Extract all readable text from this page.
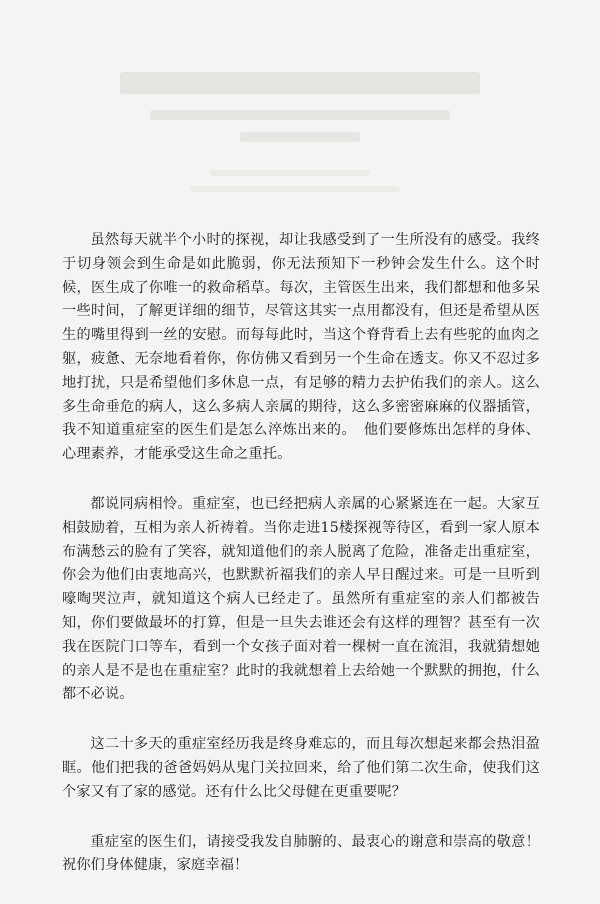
虽然每天就半个小时的探视，却让我感受到了一生所没有的感受。我终于切身领会到生命是如此脆弱，你无法预知下一秒钟会发生什么。这个时候，医生成了你唯一的救命稻草。每次，主管医生出来，我们都想和他多呆一些时间，了解更详细的细节，尽管这其实一点用都没有，但还是希望从医生的嘴里得到一丝的安慰。而每每此时，当这个脊背看上去有些驼的血肉之躯，疲惫、无奈地看着你，你仿佛又看到另一个生命在透支。你又不忍过多地打扰，只是希望他们多休息一点，有足够的精力去护佑我们的亲人。这么多生命垂危的病人，这么多病人亲属的期待，这么多密密麻麻的仪器插管，我不知道重症室的医生们是怎么淬炼出来的。　他们要修炼出怎样的身体、心理素养，才能承受这生命之重托。

都说同病相怜。重症室，也已经把病人亲属的心紧紧连在一起。大家互相鼓励着，互相为亲人祈祷着。当你走进15楼探视等待区，看到一家人原本布满愁云的脸有了笑容，就知道他们的亲人脱离了危险，准备走出重症室，你会为他们由衷地高兴，也默默祈福我们的亲人早日醒过来。可是一旦听到嚎啕哭泣声，就知道这个病人已经走了。虽然所有重症室的亲人们都被告知，你们要做最坏的打算，但是一旦失去谁还会有这样的理智？甚至有一次我在医院门口等车，看到一个女孩子面对着一棵树一直在流泪，我就猜想她的亲人是不是也在重症室？此时的我就想着上去给她一个默默的拥抱，什么都不必说。

这二十多天的重症室经历我是终身难忘的，而且每次想起来都会热泪盈眶。他们把我的爸爸妈妈从鬼门关拉回来，给了他们第二次生命，使我们这个家又有了家的感觉。还有什么比父母健在更重要呢？

重症室的医生们，请接受我发自肺腑的、最衷心的谢意和崇高的敬意！祝你们身体健康，家庭幸福！
